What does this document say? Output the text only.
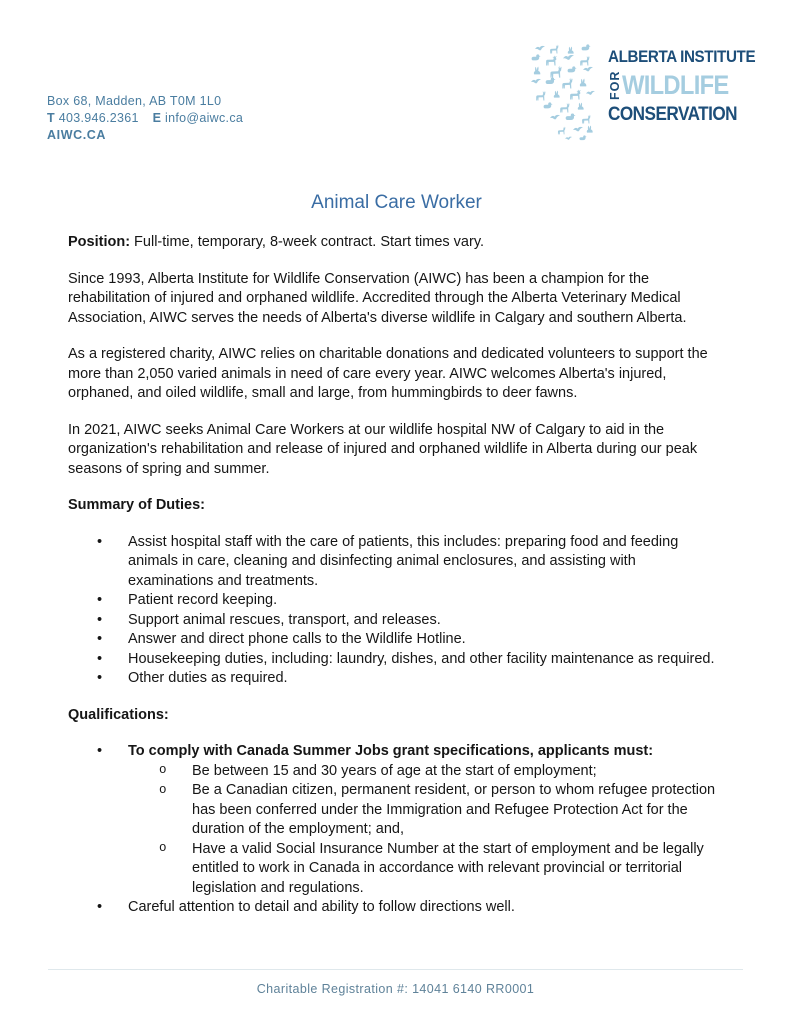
Box 68, Madden, AB T0M 1L0
T 403.946.2361 E info@aiwc.ca
AIWC.CA
ALBERTA INSTITUTE
FOR WILDLIFE
CONSERVATION
Animal Care Worker

Position: Full-time, temporary, 8-week contract. Start times vary.

Since 1993, Alberta Institute for Wildlife Conservation (AIWC) has been a champion for the rehabilitation of injured and orphaned wildlife. Accredited through the Alberta Veterinary Medical Association, AIWC serves the needs of Alberta's diverse wildlife in Calgary and southern Alberta.

As a registered charity, AIWC relies on charitable donations and dedicated volunteers to support the more than 2,050 varied animals in need of care every year. AIWC welcomes Alberta's injured, orphaned, and oiled wildlife, small and large, from hummingbirds to deer fawns.

In 2021, AIWC seeks Animal Care Workers at our wildlife hospital NW of Calgary to aid in the organization's rehabilitation and release of injured and orphaned wildlife in Alberta during our peak seasons of spring and summer.

Summary of Duties:

• Assist hospital staff with the care of patients, this includes: preparing food and feeding animals in care, cleaning and disinfecting animal enclosures, and assisting with examinations and treatments.
• Patient record keeping.
• Support animal rescues, transport, and releases.
• Answer and direct phone calls to the Wildlife Hotline.
• Housekeeping duties, including: laundry, dishes, and other facility maintenance as required.
• Other duties as required.

Qualifications:

• To comply with Canada Summer Jobs grant specifications, applicants must:
o Be between 15 and 30 years of age at the start of employment;
o Be a Canadian citizen, permanent resident, or person to whom refugee protection has been conferred under the Immigration and Refugee Protection Act for the duration of the employment; and,
o Have a valid Social Insurance Number at the start of employment and be legally entitled to work in Canada in accordance with relevant provincial or territorial legislation and regulations.
• Careful attention to detail and ability to follow directions well.
Charitable Registration #: 14041 6140 RR0001
